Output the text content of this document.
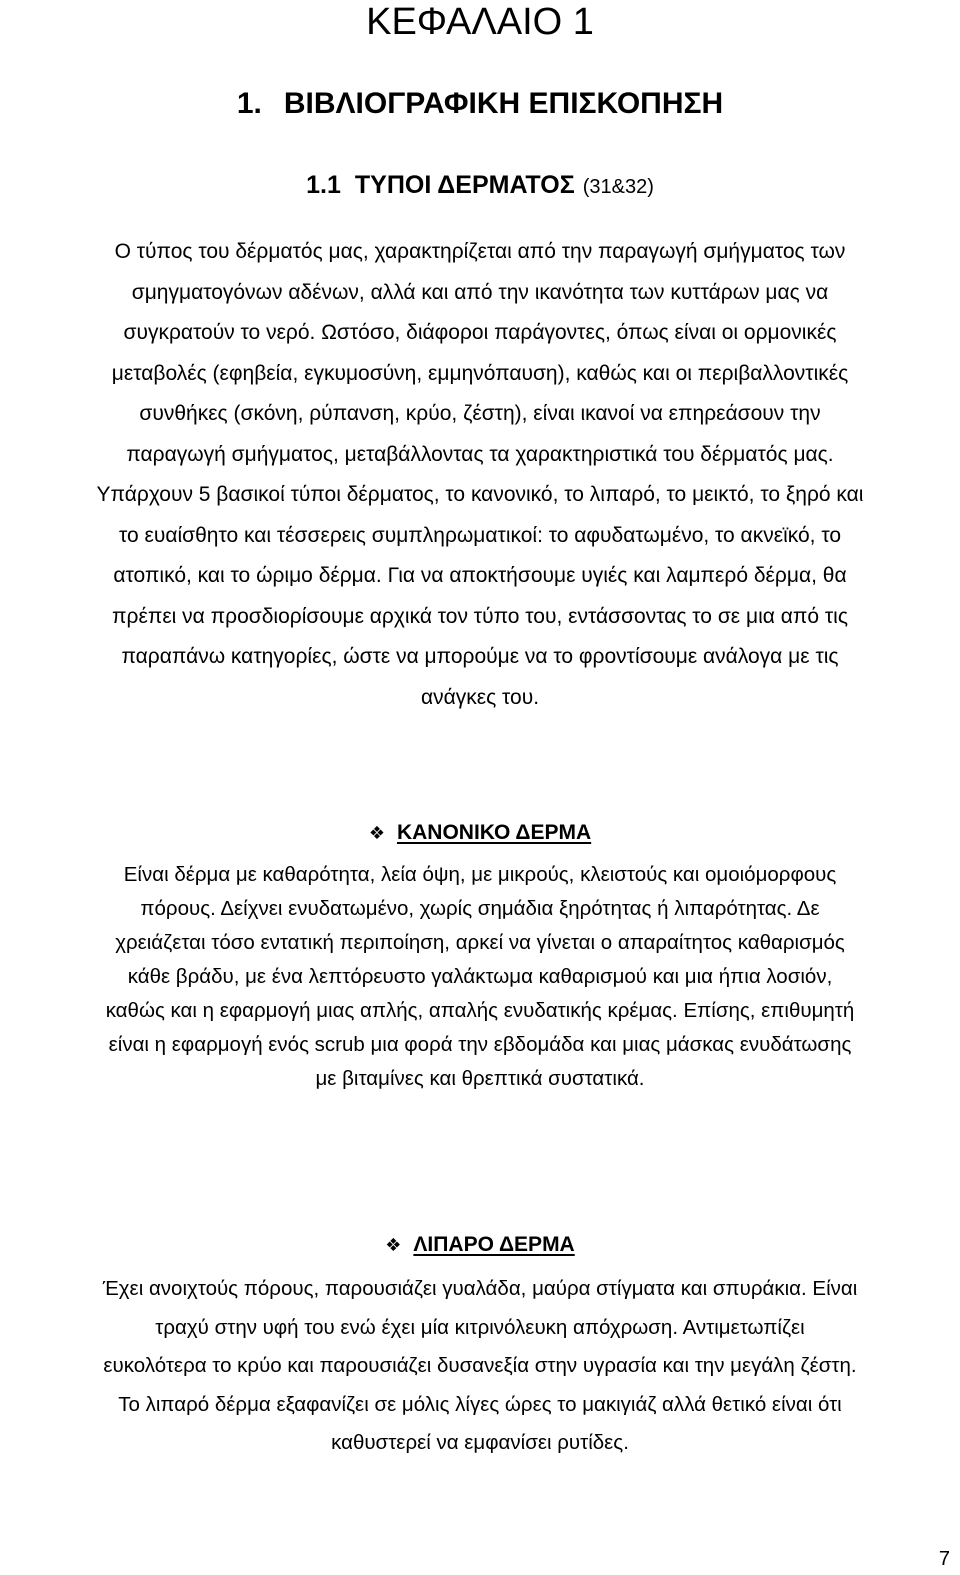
ΚΕΦΑΛΑΙΟ 1
1. ΒΙΒΛΙΟΓΡΑΦΙΚΗ ΕΠΙΣΚΟΠΗΣΗ
1.1 ΤΥΠΟΙ ΔΕΡΜΑΤΟΣ (31&32)
Ο τύπος του δέρματός μας, χαρακτηρίζεται από την παραγωγή σμήγματος των
σμηγματογόνων αδένων, αλλά και από την ικανότητα των κυττάρων μας να
συγκρατούν το νερό. Ωστόσο, διάφοροι παράγοντες, όπως είναι οι ορμονικές
μεταβολές (εφηβεία, εγκυμοσύνη, εμμηνόπαυση), καθώς και οι περιβαλλοντικές
συνθήκες (σκόνη, ρύπανση, κρύο, ζέστη), είναι ικανοί να επηρεάσουν την
παραγωγή σμήγματος, μεταβάλλοντας τα χαρακτηριστικά του δέρματός μας.
Υπάρχουν 5 βασικοί τύποι δέρματος, το κανονικό, το λιπαρό, το μεικτό, το ξηρό και
το ευαίσθητο και τέσσερεις συμπληρωματικοί: το αφυδατωμένο, το ακνεϊκό, το
ατοπικό, και το ώριμο δέρμα. Για να αποκτήσουμε υγιές και λαμπερό δέρμα, θα
πρέπει να προσδιορίσουμε αρχικά τον τύπο του, εντάσσοντας το σε μια από τις
παραπάνω κατηγορίες, ώστε να μπορούμε να το φροντίσουμε ανάλογα με τις
ανάγκες του.
❖ ΚΑΝΟΝΙΚΟ ΔΕΡΜΑ
Είναι δέρμα με καθαρότητα, λεία όψη, με μικρούς, κλειστούς και ομοιόμορφους
πόρους. Δείχνει ενυδατωμένο, χωρίς σημάδια ξηρότητας ή λιπαρότητας. Δε
χρειάζεται τόσο εντατική περιποίηση, αρκεί να γίνεται ο απαραίτητος καθαρισμός
κάθε βράδυ, με ένα λεπτόρευστο γαλάκτωμα καθαρισμού και μια ήπια λοσιόν,
καθώς και η εφαρμογή μιας απλής, απαλής ενυδατικής κρέμας. Επίσης, επιθυμητή
είναι η εφαρμογή ενός scrub μια φορά την εβδομάδα και μιας μάσκας ενυδάτωσης
με βιταμίνες και θρεπτικά συστατικά.
❖ ΛΙΠΑΡΟ ΔΕΡΜΑ
Έχει ανοιχτούς πόρους, παρουσιάζει γυαλάδα, μαύρα στίγματα και σπυράκια. Είναι
τραχύ στην υφή του ενώ έχει μία κιτρινόλευκη απόχρωση. Αντιμετωπίζει
ευκολότερα το κρύο και παρουσιάζει δυσανεξία στην υγρασία και την μεγάλη ζέστη.
Το λιπαρό δέρμα εξαφανίζει σε μόλις λίγες ώρες το μακιγιάζ αλλά θετικό είναι ότι
καθυστερεί να εμφανίσει ρυτίδες.
7
